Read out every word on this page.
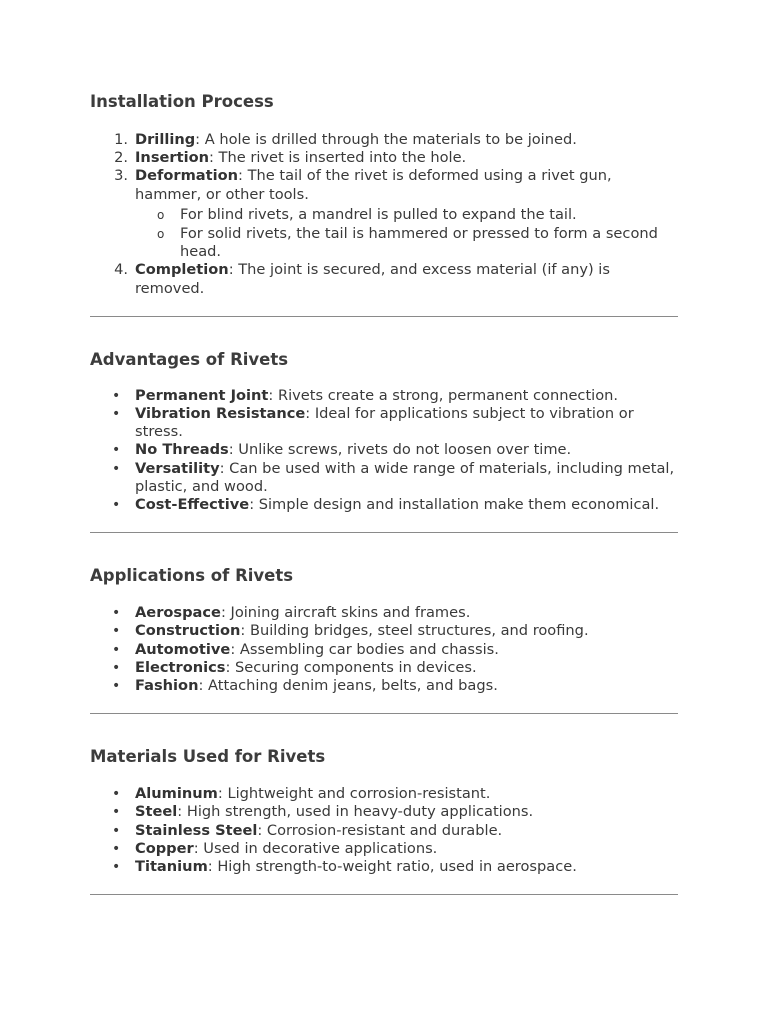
Installation Process
1. Drilling: A hole is drilled through the materials to be joined.
2. Insertion: The rivet is inserted into the hole.
3. Deformation: The tail of the rivet is deformed using a rivet gun, hammer, or other tools.
o For blind rivets, a mandrel is pulled to expand the tail.
o For solid rivets, the tail is hammered or pressed to form a second head.
4. Completion: The joint is secured, and excess material (if any) is removed.
Advantages of Rivets
• Permanent Joint: Rivets create a strong, permanent connection.
• Vibration Resistance: Ideal for applications subject to vibration or stress.
• No Threads: Unlike screws, rivets do not loosen over time.
• Versatility: Can be used with a wide range of materials, including metal, plastic, and wood.
• Cost-Effective: Simple design and installation make them economical.
Applications of Rivets
• Aerospace: Joining aircraft skins and frames.
• Construction: Building bridges, steel structures, and roofing.
• Automotive: Assembling car bodies and chassis.
• Electronics: Securing components in devices.
• Fashion: Attaching denim jeans, belts, and bags.
Materials Used for Rivets
• Aluminum: Lightweight and corrosion-resistant.
• Steel: High strength, used in heavy-duty applications.
• Stainless Steel: Corrosion-resistant and durable.
• Copper: Used in decorative applications.
• Titanium: High strength-to-weight ratio, used in aerospace.
